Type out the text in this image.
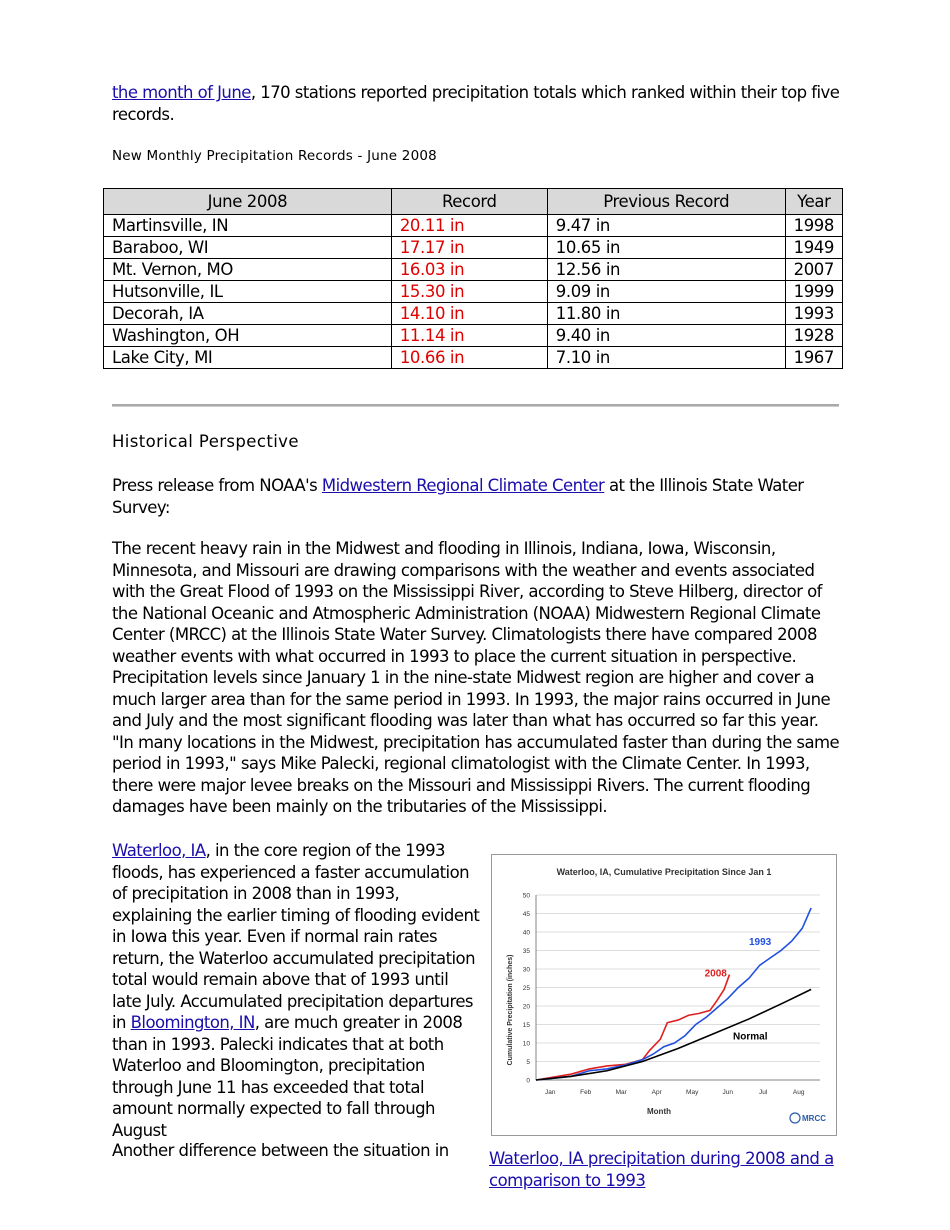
the month of June, 170 stations reported precipitation totals which ranked within their top five records.
New Monthly Precipitation Records - June 2008
June 2008	Record	Previous Record	Year
Martinsville, IN	20.11 in	9.47 in	1998
Baraboo, WI	17.17 in	10.65 in	1949
Mt. Vernon, MO	16.03 in	12.56 in	2007
Hutsonville, IL	15.30 in	9.09 in	1999
Decorah, IA	14.10 in	11.80 in	1993
Washington, OH	11.14 in	9.40 in	1928
Lake City, MI	10.66 in	7.10 in	1967
Historical Perspective
Press release from NOAA's Midwestern Regional Climate Center at the Illinois State Water Survey:
The recent heavy rain in the Midwest and flooding in Illinois, Indiana, Iowa, Wisconsin, Minnesota, and Missouri are drawing comparisons with the weather and events associated with the Great Flood of 1993 on the Mississippi River, according to Steve Hilberg, director of the National Oceanic and Atmospheric Administration (NOAA) Midwestern Regional Climate Center (MRCC) at the Illinois State Water Survey. Climatologists there have compared 2008 weather events with what occurred in 1993 to place the current situation in perspective. Precipitation levels since January 1 in the nine-state Midwest region are higher and cover a much larger area than for the same period in 1993. In 1993, the major rains occurred in June and July and the most significant flooding was later than what has occurred so far this year. "In many locations in the Midwest, precipitation has accumulated faster than during the same period in 1993," says Mike Palecki, regional climatologist with the Climate Center. In 1993, there were major levee breaks on the Missouri and Mississippi Rivers. The current flooding damages have been mainly on the tributaries of the Mississippi.
Waterloo, IA, in the core region of the 1993 floods, has experienced a faster accumulation of precipitation in 2008 than in 1993, explaining the earlier timing of flooding evident in Iowa this year. Even if normal rain rates return, the Waterloo accumulated precipitation total would remain above that of 1993 until late July. Accumulated precipitation departures in Bloomington, IN, are much greater in 2008 than in 1993. Palecki indicates that at both Waterloo and Bloomington, precipitation through June 11 has exceeded that total amount normally expected to fall through August
Another difference between the situation in
Waterloo, IA, Cumulative Precipitation Since Jan 1
Month
Cumulative Precipitation (inches)
0
5
10
15
20
25
30
35
40
45
50
Jan	Feb	Mar	Apr	May	Jun	Jul	Aug
2008
1993
Normal
MRCC
Waterloo, IA precipitation during 2008 and a comparison to 1993
